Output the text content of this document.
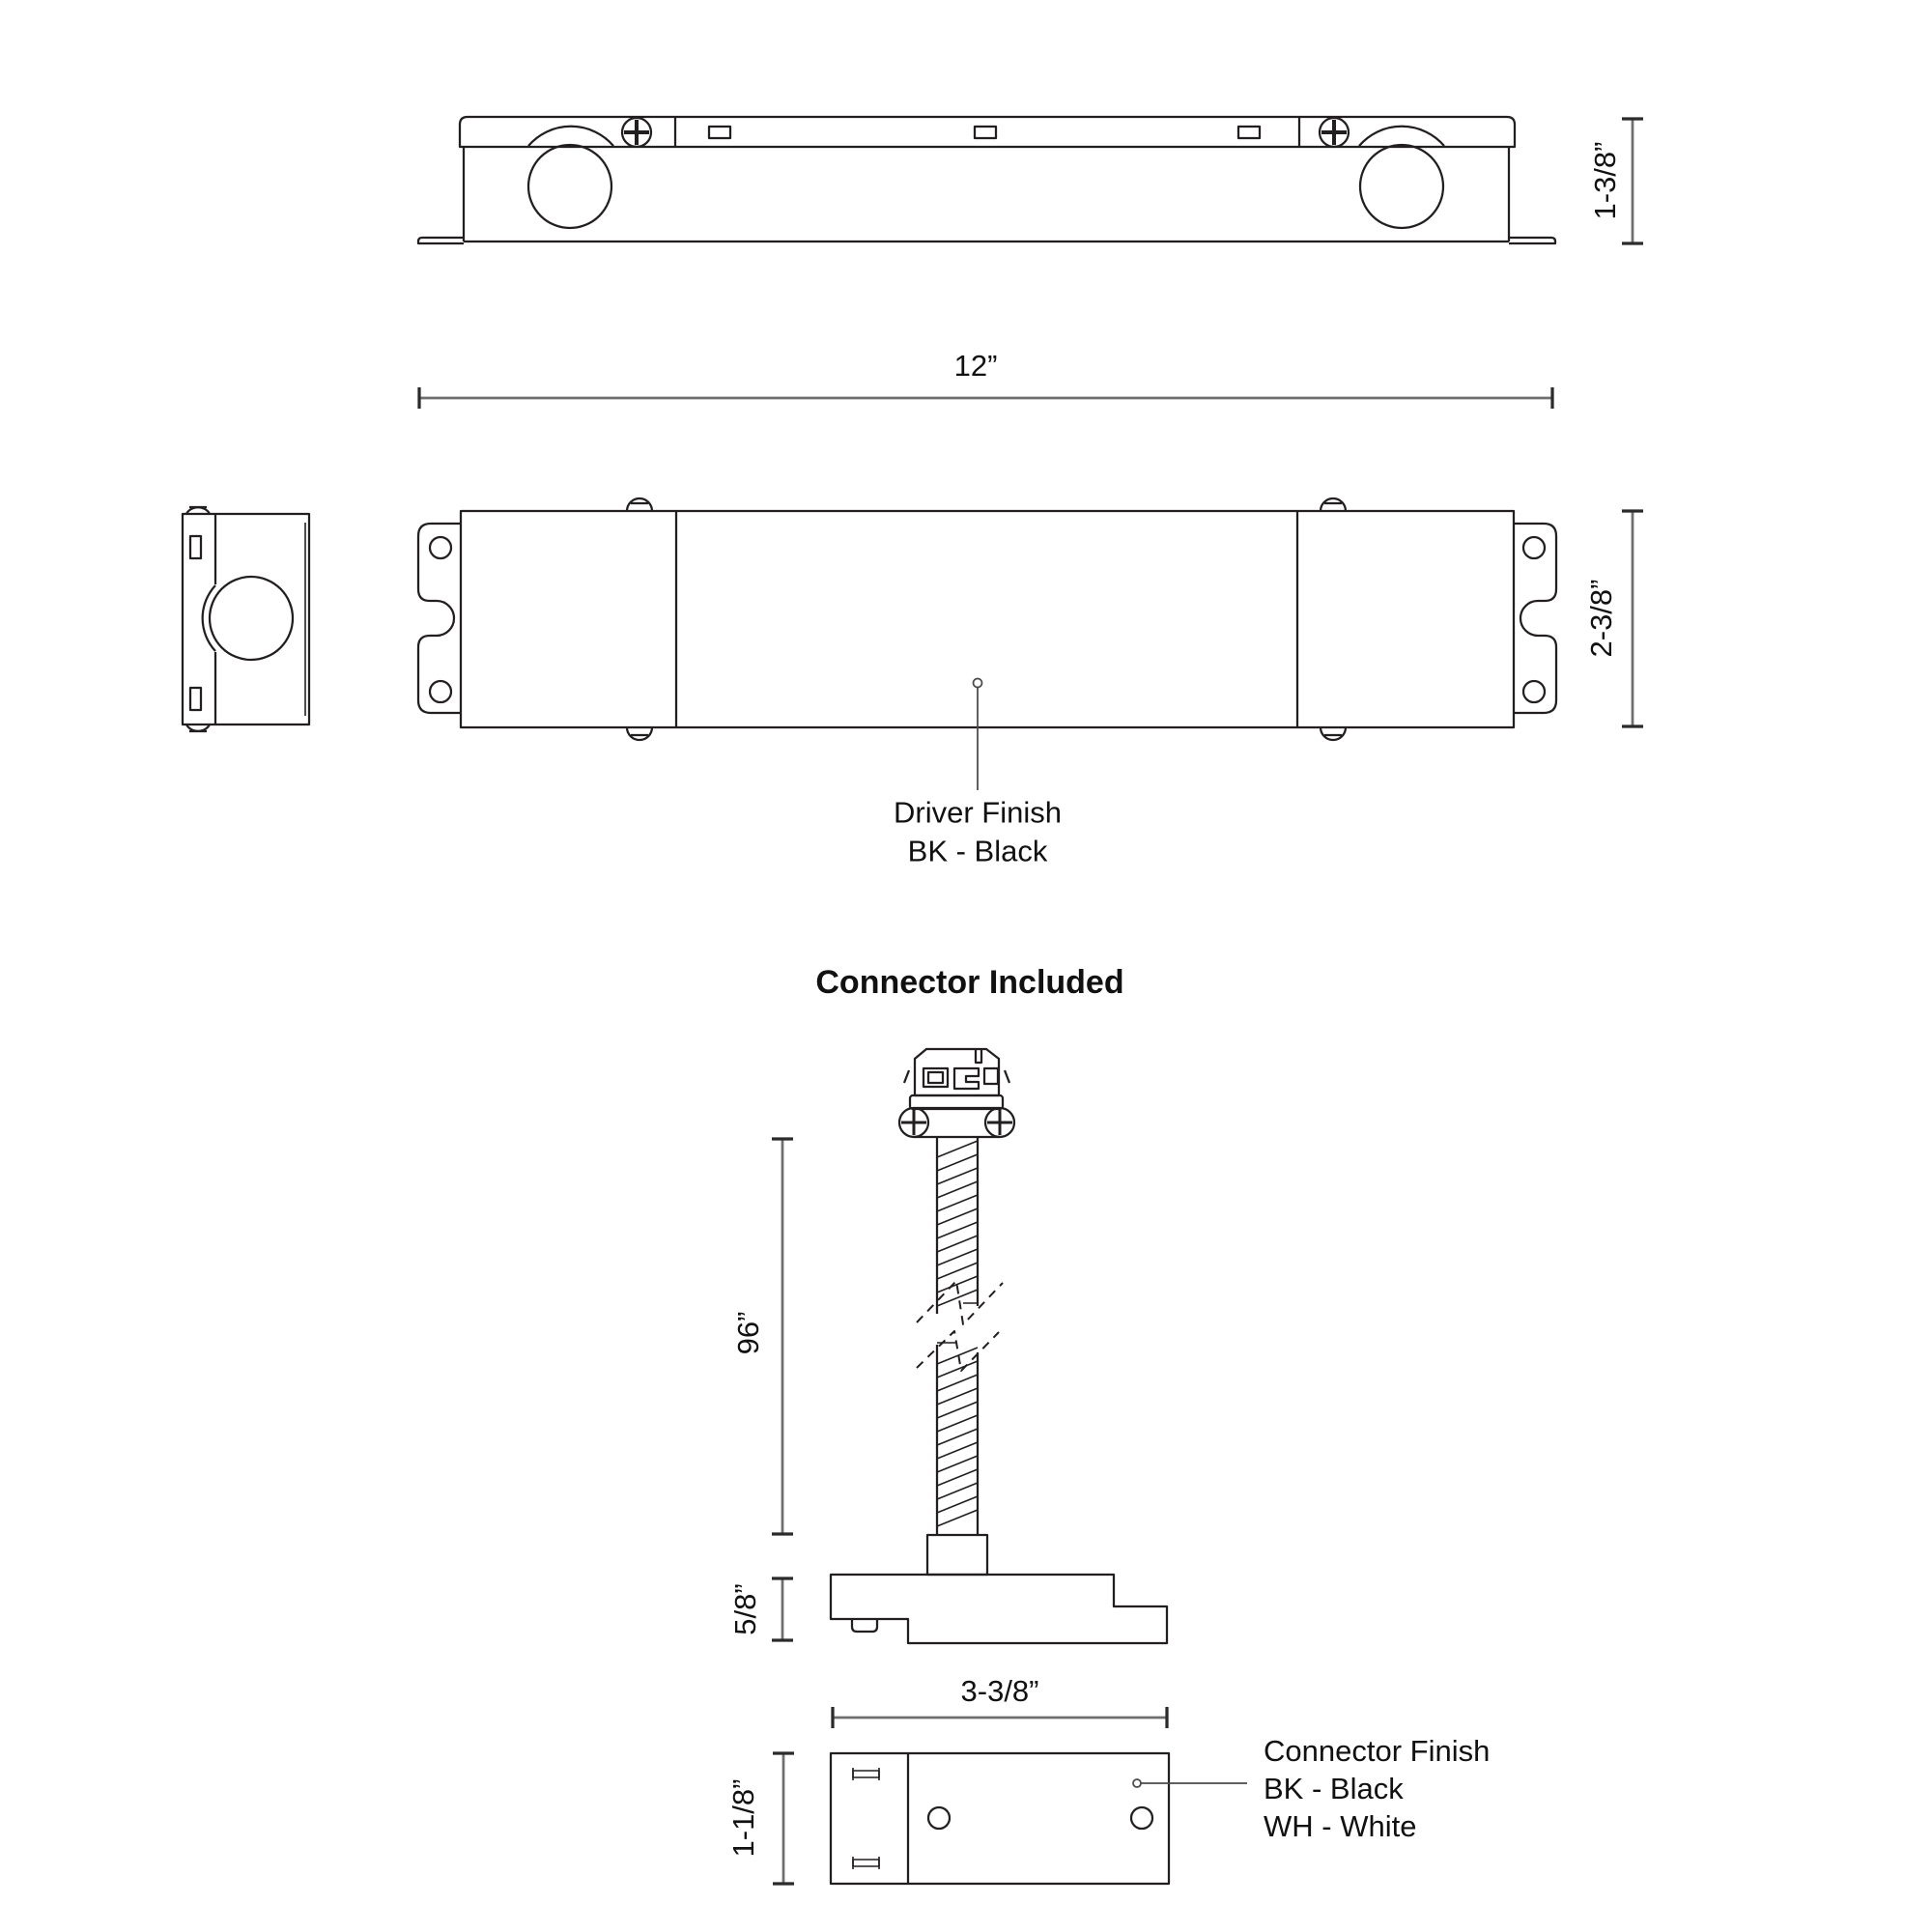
12”
1-3/8”
2-3/8”
Driver Finish
BK - Black
Connector Included
96”
5/8”
3-3/8”
1-1/8”
Connector Finish
BK - Black
WH - White
